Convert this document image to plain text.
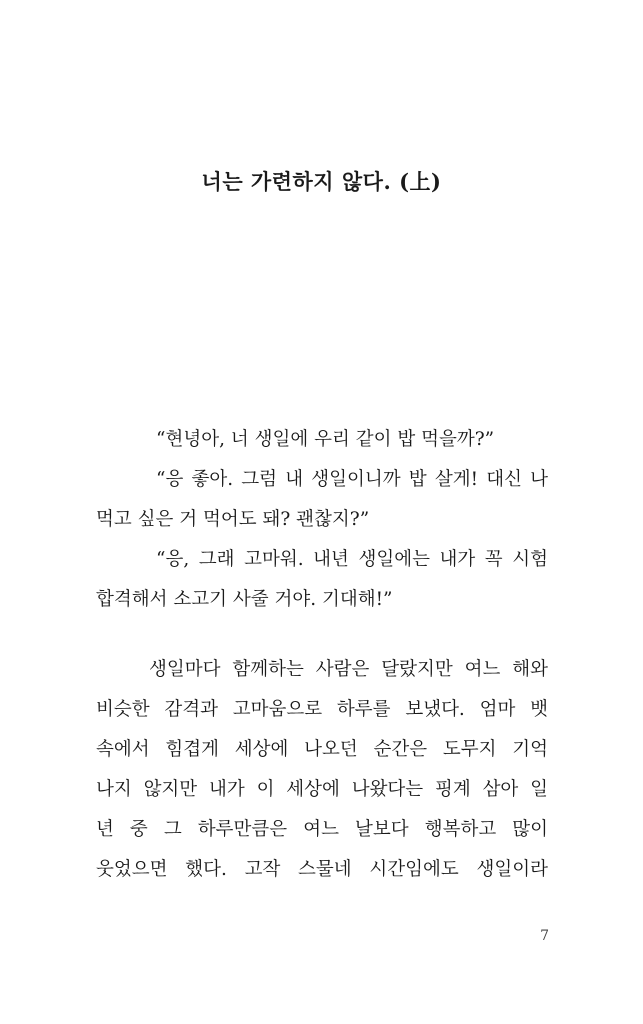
너는 가련하지 않다. (上)
“현녕아, 너 생일에 우리 같이 밥 먹을까?”
“응 좋아. 그럼 내 생일이니까 밥 살게! 대신 나
먹고 싶은 거 먹어도 돼? 괜찮지?”
“응, 그래 고마워. 내년 생일에는 내가 꼭 시험
합격해서 소고기 사줄 거야. 기대해!”
생일마다 함께하는 사람은 달랐지만 여느 해와
비슷한 감격과 고마움으로 하루를 보냈다. 엄마 뱃
속에서 힘겹게 세상에 나오던 순간은 도무지 기억
나지 않지만 내가 이 세상에 나왔다는 핑계 삼아 일
년 중 그 하루만큼은 여느 날보다 행복하고 많이
웃었으면 했다. 고작 스물네 시간임에도 생일이라
7
